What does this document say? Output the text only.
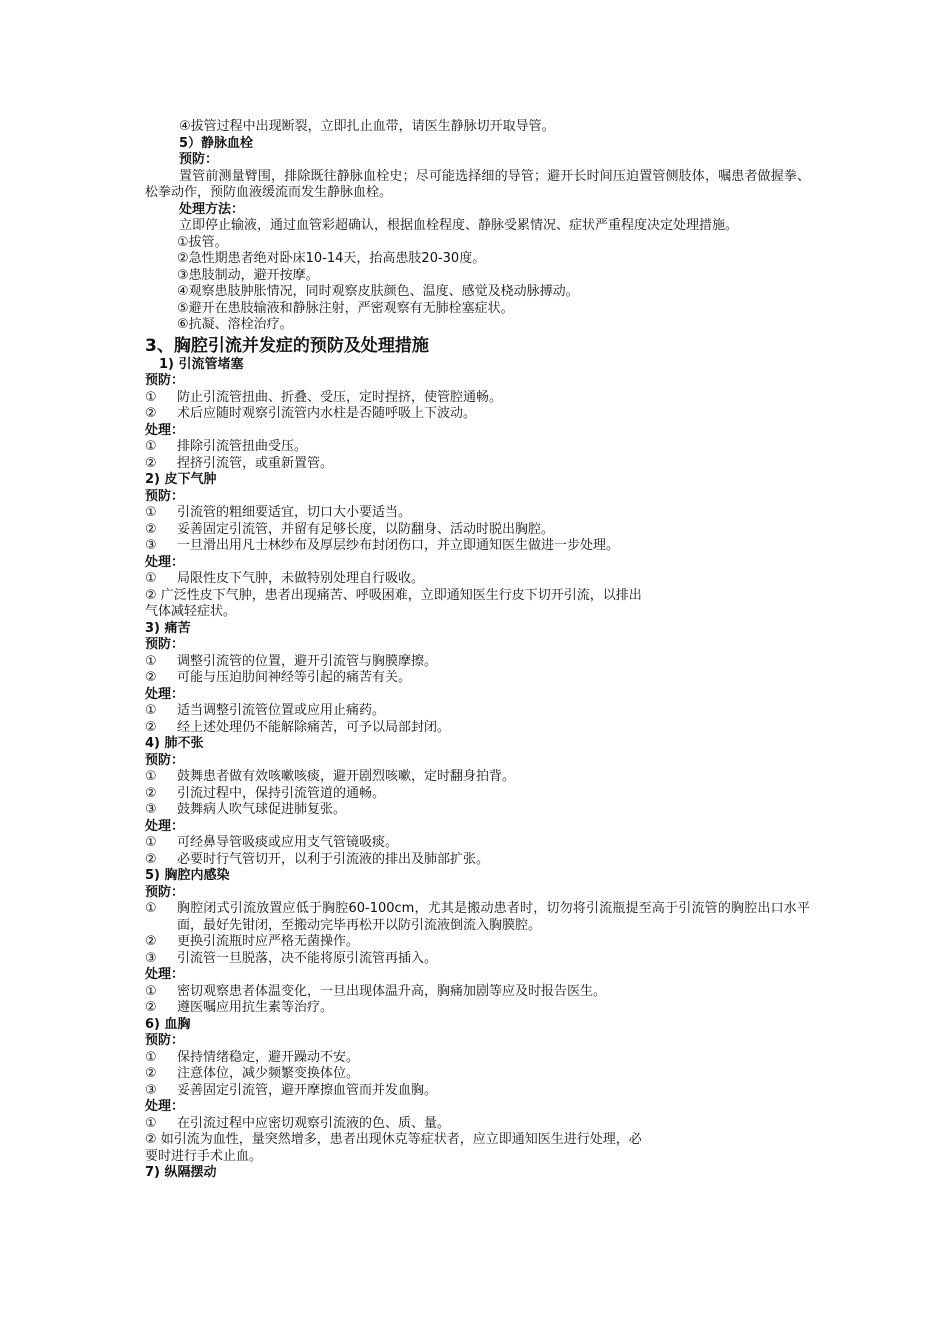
④拔管过程中出现断裂，立即扎止血带，请医生静脉切开取导管。
5）静脉血栓
预防：
置管前测量臂围，排除既往静脉血栓史；尽可能选择细的导管；避开长时间压迫置管侧肢体，嘱患者做握拳、松拳动作，预防血液缓流而发生静脉血栓。
处理方法：
立即停止输液，通过血管彩超确认，根据血栓程度、静脉受累情况、症状严重程度决定处理措施。
①拔管。
②急性期患者绝对卧床10-14天，抬高患肢20-30度。
③患肢制动，避开按摩。
④观察患肢肿胀情况，同时观察皮肤颜色、温度、感觉及桡动脉搏动。
⑤避开在患肢输液和静脉注射，严密观察有无肺栓塞症状。
⑥抗凝、溶栓治疗。
3、胸腔引流并发症的预防及处理措施
1) 引流管堵塞
预防：
①	防止引流管扭曲、折叠、受压，定时捏挤，使管腔通畅。
②	术后应随时观察引流管内水柱是否随呼吸上下波动。
处理：
①	排除引流管扭曲受压。
②	捏挤引流管，或重新置管。
2) 皮下气肿
预防：
①	引流管的粗细要适宜，切口大小要适当。
②	妥善固定引流管，并留有足够长度，以防翻身、活动时脱出胸腔。
③	一旦滑出用凡士林纱布及厚层纱布封闭伤口，并立即通知医生做进一步处理。
处理：
①	局限性皮下气肿，未做特别处理自行吸收。
② 广泛性皮下气肿，患者出现痛苦、呼吸困难，立即通知医生行皮下切开引流，以排出
气体减轻症状。
3) 痛苦
预防：
①	调整引流管的位置，避开引流管与胸膜摩擦。
②	可能与压迫肋间神经等引起的痛苦有关。
处理：
①	适当调整引流管位置或应用止痛药。
②	经上述处理仍不能解除痛苦，可予以局部封闭。
4) 肺不张
预防：
①	鼓舞患者做有效咳嗽咳痰，避开剧烈咳嗽，定时翻身拍背。
②	引流过程中，保持引流管道的通畅。
③	鼓舞病人吹气球促进肺复张。
处理：
①	可经鼻导管吸痰或应用支气管镜吸痰。
②	必要时行气管切开，以利于引流液的排出及肺部扩张。
5) 胸腔内感染
预防：
①	胸腔闭式引流放置应低于胸腔60-100cm，尤其是搬动患者时，切勿将引流瓶提至高于引流管的胸腔出口水平面，最好先钳闭，至搬动完毕再松开以防引流液倒流入胸膜腔。
②	更换引流瓶时应严格无菌操作。
③	引流管一旦脱落，决不能将原引流管再插入。
处理：
①	密切观察患者体温变化，一旦出现体温升高，胸痛加剧等应及时报告医生。
②	遵医嘱应用抗生素等治疗。
6) 血胸
预防：
①	保持情绪稳定，避开躁动不安。
②	注意体位，减少频繁变换体位。
③	妥善固定引流管，避开摩擦血管而并发血胸。
处理：
①	在引流过程中应密切观察引流液的色、质、量。
② 如引流为血性，量突然增多，患者出现休克等症状者，应立即通知医生进行处理，必
要时进行手术止血。
7) 纵隔摆动
